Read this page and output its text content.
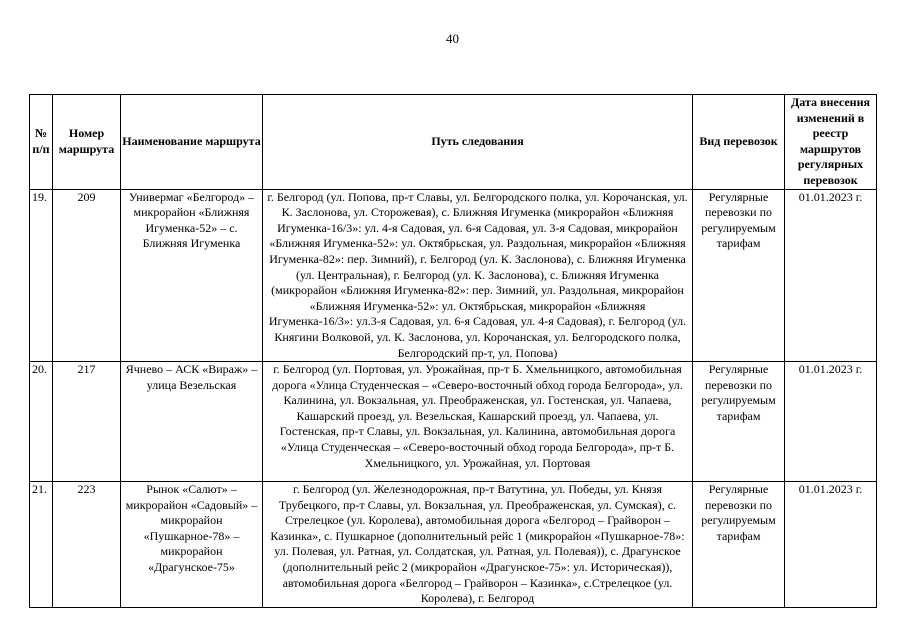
40
№ п/п	Номер маршрута	Наименование маршрута	Путь следования	Вид перевозок	Дата внесения изменений в реестр маршрутов регулярных перевозок
19.	209	Универмаг «Белгород» – микрорайон «Ближняя Игуменка-52» – с. Ближняя Игуменка	г. Белгород (ул. Попова, пр-т Славы, ул. Белгородского полка, ул. Корочанская, ул. К. Заслонова, ул. Сторожевая), с. Ближняя Игуменка (микрорайон «Ближняя Игуменка-16/3»: ул. 4-я Садовая, ул. 6-я Садовая, ул. 3-я Садовая, микрорайон «Ближняя Игуменка-52»: ул. Октябрьская, ул. Раздольная, микрорайон «Ближняя Игуменка-82»: пер. Зимний), г. Белгород (ул. К. Заслонова), с. Ближняя Игуменка (ул. Центральная), г. Белгород (ул. К. Заслонова), с. Ближняя Игуменка (микрорайон «Ближняя Игуменка-82»: пер. Зимний, ул. Раздольная, микрорайон «Ближняя Игуменка-52»: ул. Октябрьская, микрорайон «Ближняя Игуменка-16/3»: ул.3-я Садовая, ул. 6-я Садовая, ул. 4-я Садовая), г. Белгород (ул. Княгини Волковой, ул. К. Заслонова, ул. Корочанская, ул. Белгородского полка, Белгородский пр-т, ул. Попова)	Регулярные перевозки по регулируемым тарифам	01.01.2023 г.
20.	217	Ячнево – АСК «Вираж» – улица Везельская	г. Белгород (ул. Портовая, ул. Урожайная, пр-т Б. Хмельницкого, автомобильная дорога «Улица Студенческая – «Северо-восточный обход города Белгорода», ул. Калинина, ул. Вокзальная, ул. Преображенская, ул. Гостенская, ул. Чапаева, Кашарский проезд, ул. Везельская, Кашарский проезд, ул. Чапаева, ул. Гостенская, пр-т Славы, ул. Вокзальная, ул. Калинина, автомобильная дорога «Улица Студенческая – «Северо-восточный обход города Белгорода», пр-т Б. Хмельницкого, ул. Урожайная, ул. Портовая	Регулярные перевозки по регулируемым тарифам	01.01.2023 г.
21.	223	Рынок «Салют» – микрорайон «Садовый» – микрорайон «Пушкарное-78» – микрорайон «Драгунское-75»	г. Белгород (ул. Железнодорожная, пр-т Ватутина, ул. Победы, ул. Князя Трубецкого, пр-т Славы, ул. Вокзальная, ул. Преображенская, ул. Сумская), с. Стрелецкое (ул. Королева), автомобильная дорога «Белгород – Грайворон – Казинка», с. Пушкарное (дополнительный рейс 1 (микрорайон «Пушкарное-78»: ул. Полевая, ул. Ратная, ул. Солдатская, ул. Ратная, ул. Полевая)), с. Драгунское (дополнительный рейс 2 (микрорайон «Драгунское-75»: ул. Историческая)), автомобильная дорога «Белгород – Грайворон – Казинка», с.Стрелецкое (ул. Королева), г. Белгород	Регулярные перевозки по регулируемым тарифам	01.01.2023 г.
